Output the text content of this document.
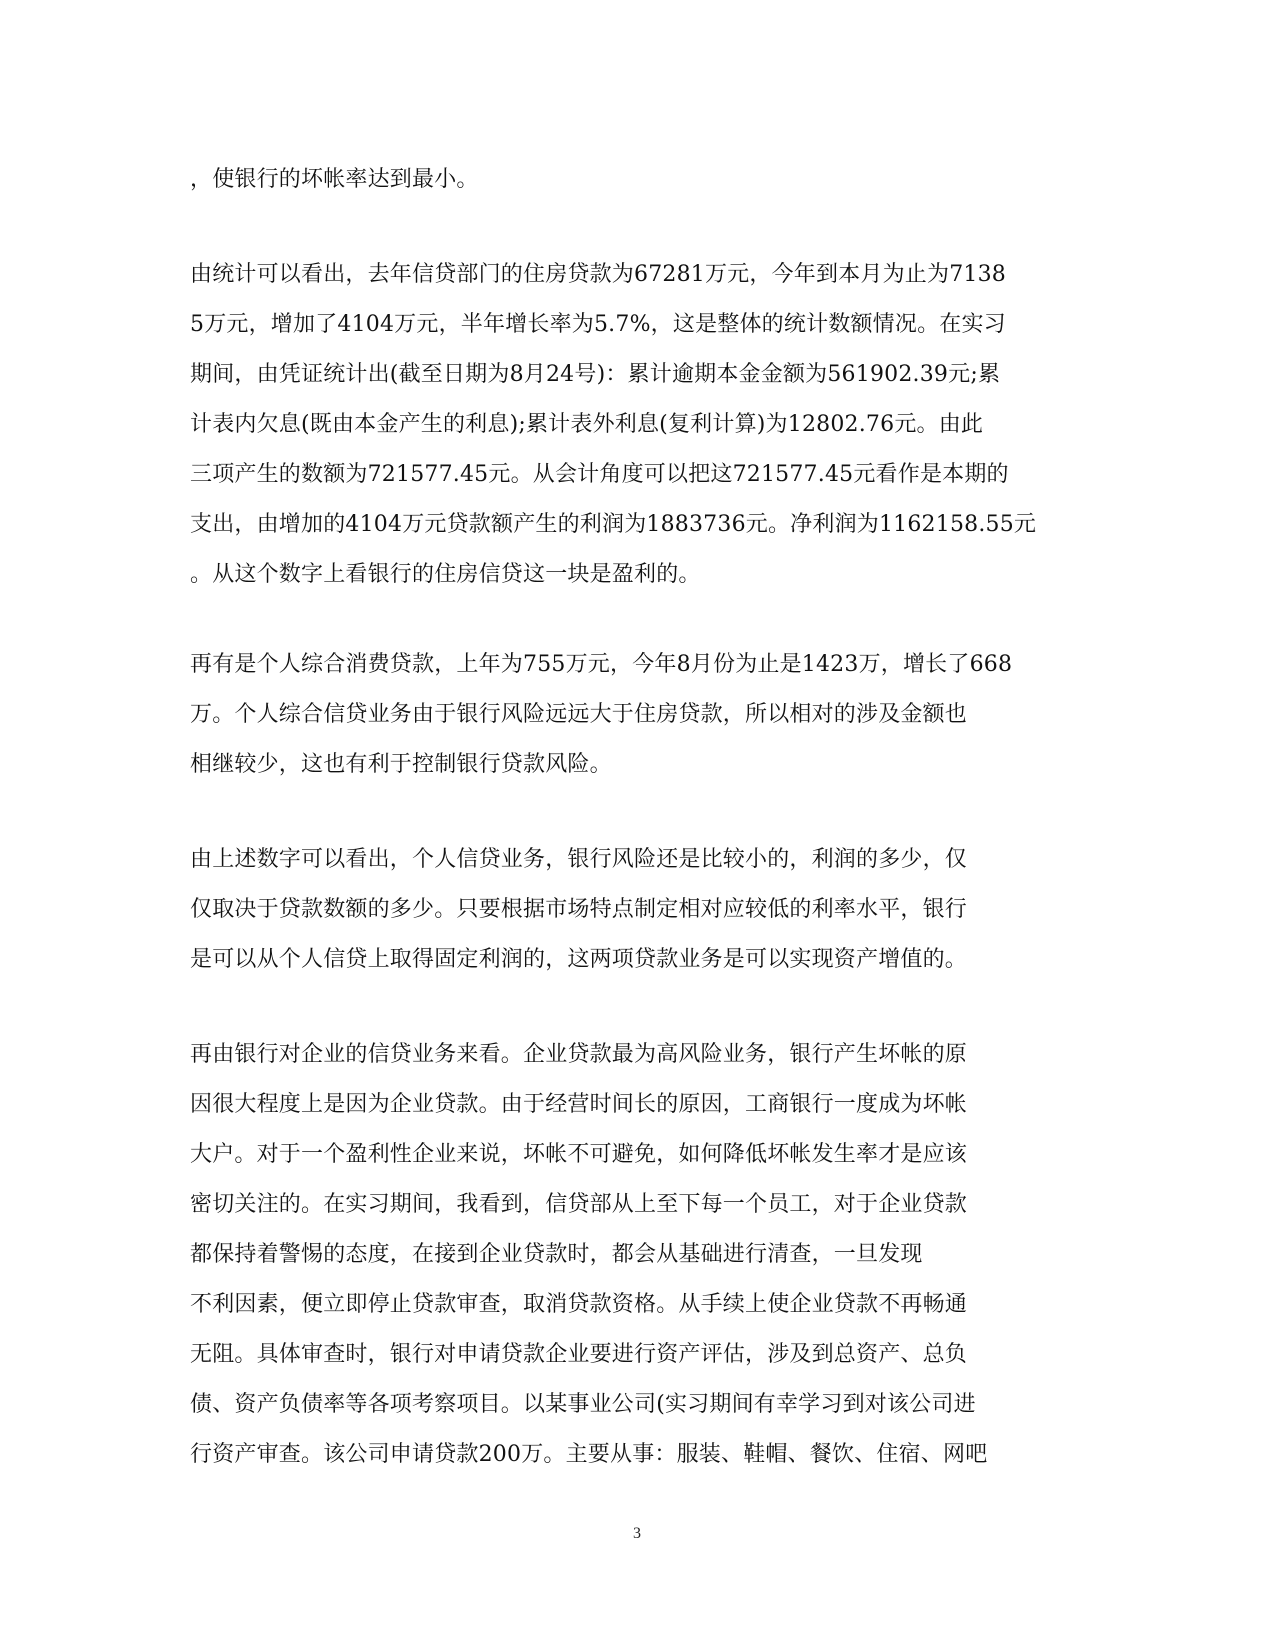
，使银行的坏帐率达到最小。
由统计可以看出，去年信贷部门的住房贷款为67281万元，今年到本月为止为7138
5万元，增加了4104万元，半年增长率为5.7%，这是整体的统计数额情况。在实习
期间，由凭证统计出(截至日期为8月24号)：累计逾期本金金额为561902.39元;累
计表内欠息(既由本金产生的利息);累计表外利息(复利计算)为12802.76元。由此
三项产生的数额为721577.45元。从会计角度可以把这721577.45元看作是本期的
支出，由增加的4104万元贷款额产生的利润为1883736元。净利润为1162158.55元
。从这个数字上看银行的住房信贷这一块是盈利的。
再有是个人综合消费贷款，上年为755万元，今年8月份为止是1423万，增长了668
万。个人综合信贷业务由于银行风险远远大于住房贷款，所以相对的涉及金额也
相继较少，这也有利于控制银行贷款风险。
由上述数字可以看出，个人信贷业务，银行风险还是比较小的，利润的多少，仅
仅取决于贷款数额的多少。只要根据市场特点制定相对应较低的利率水平，银行
是可以从个人信贷上取得固定利润的，这两项贷款业务是可以实现资产增值的。
再由银行对企业的信贷业务来看。企业贷款最为高风险业务，银行产生坏帐的原
因很大程度上是因为企业贷款。由于经营时间长的原因，工商银行一度成为坏帐
大户。对于一个盈利性企业来说，坏帐不可避免，如何降低坏帐发生率才是应该
密切关注的。在实习期间，我看到，信贷部从上至下每一个员工，对于企业贷款
都保持着警惕的态度，在接到企业贷款时，都会从基础进行清查，一旦发现
不利因素，便立即停止贷款审查，取消贷款资格。从手续上使企业贷款不再畅通
无阻。具体审查时，银行对申请贷款企业要进行资产评估，涉及到总资产、总负
债、资产负债率等各项考察项目。以某事业公司(实习期间有幸学习到对该公司进
行资产审查。该公司申请贷款200万。主要从事：服装、鞋帽、餐饮、住宿、网吧
3
